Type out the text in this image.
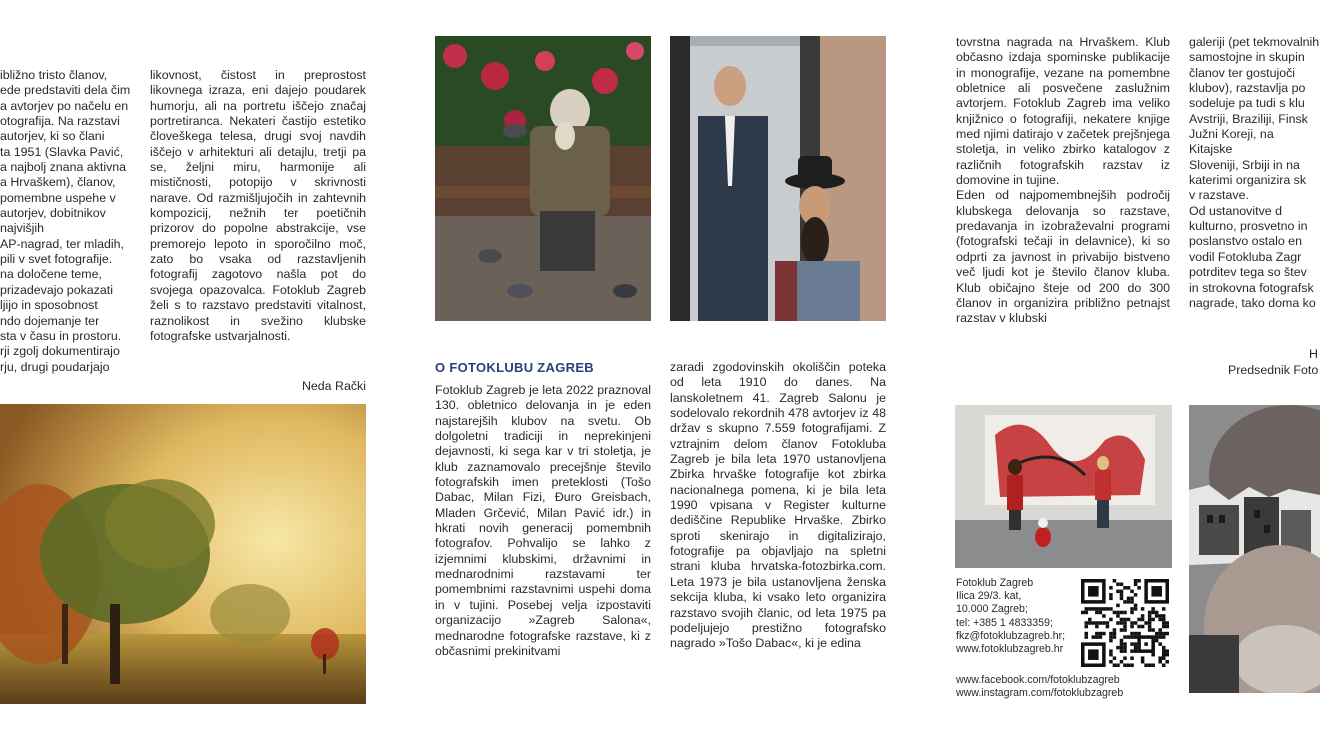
ibližno tristo članov,
ede predstaviti dela čim
a avtorjev po načelu en
otografija. Na razstavi
autorjev, ki so člani
ta 1951 (Slavka Pavić,
a najbolj znana aktivna
a Hrvaškem), članov,
pomembne uspehe v
autorjev, dobitnikov najvišjih
AP-nagrad, ter mladih,
pili v svet fotografije.
na določene teme,
prizadevajo pokazati
ljijo in sposobnost
ndo dojemanje ter
sta v času in prostoru.
rji zgolj dokumentirajo
rju, drugi poudarjajo
likovnost, čistost in preprostost likovnega izraza, eni dajejo poudarek humorju, ali na portretu iščejo značaj portretiranca. Nekateri častijo estetiko človeškega telesa, drugi svoj navdih iščejo v arhitekturi ali detajlu, tretji pa se, željni miru, harmonije ali mističnosti, potopijo v skrivnosti narave. Od razmišljujočih in zahtevnih kompozicij, nežnih ter poetičnih prizorov do popolne abstrakcije, vse premorejo lepoto in sporočilno moč, zato bo vsaka od razstavljenih fotografij zagotovo našla pot do svojega opazovalca. Fotoklub Zagreb želi s to razstavo predstaviti vitalnost, raznolikost in svežino klubske fotografske ustvarjalnosti.
Neda Rački
O FOTOKLUBU ZAGREB
Fotoklub Zagreb je leta 2022 praznoval 130. obletnico delovanja in je eden najstarejših klubov na svetu. Ob dolgoletni tradiciji in neprekinjeni dejavnosti, ki sega kar v tri stoletja, je klub zaznamovalo precejšnje število fotografskih imen preteklosti (Tošo Dabac, Milan Fizi, Đuro Greisbach, Mladen Grčević, Milan Pavić idr.) in hkrati novih generacij pomembnih fotografov. Pohvalijo se lahko z izjemnimi klubskimi, državnimi in mednarodnimi razstavami ter pomembnimi razstavnimi uspehi doma in v tujini. Posebej velja izpostaviti organizacijo »Zagreb Salona«, mednarodne fotografske razstave, ki z občasnimi prekinitvami
zaradi zgodovinskih okoliščin poteka od leta 1910 do danes. Na lanskoletnem 41. Zagreb Salonu je sodelovalo rekordnih 478 avtorjev iz 48 držav s skupno 7.559 fotografijami. Z vztrajnim delom članov Fotokluba Zagreb je bila leta 1970 ustanovljena Zbirka hrvaške fotografije kot zbirka nacionalnega pomena, ki je bila leta 1990 vpisana v Register kulturne dediščine Republike Hrvaške. Zbirko sproti skenirajo in digitalizirajo, fotografije pa objavljajo na spletni strani kluba hrvatska-fotozbirka.com. Leta 1973 je bila ustanovljena ženska sekcija kluba, ki vsako leto organizira razstavo svojih članic, od leta 1975 pa podeljujejo prestižno fotografsko nagrado »Tošo Dabac«, ki je edina
tovrstna nagrada na Hrvaškem. Klub občasno izdaja spominske publikacije in monografije, vezane na pomembne obletnice ali posvečene zaslužnim avtorjem. Fotoklub Zagreb ima veliko knjižnico o fotografiji, nekatere knjige med njimi datirajo v začetek prejšnjega stoletja, in veliko zbirko katalogov z različnih fotografskih razstav iz domovine in tujine.
Eden od najpomembnejših področij klubskega delovanja so razstave, predavanja in izobraževalni programi (fotografski tečaji in delavnice), ki so odprti za javnost in privabijo bistveno več ljudi kot je število članov kluba. Klub običajno šteje od 200 do 300 članov in organizira približno petnajst razstav v klubski
galeriji (pet tekmovalnih
samostojne in skupin
članov ter gostujoči
klubov), razstavlja po
sodeluje pa tudi s klu
Avstriji, Braziliji, Finsk
Južni Koreji, na Kitajske
Sloveniji, Srbiji in na
katerimi organizira sk
v razstave.
Od ustanovitve d
kulturno, prosvetno in
poslanstvo ostalo en
vodil Fotokluba Zagr
potrditev tega so štev
in strokovna fotografsk
nagrade, tako doma ko
H
Predsednik Foto
Fotoklub Zagreb
Ilica 29/3. kat,
10.000 Zagreb;
tel: +385 1 4833359;
fkz@fotoklubzagreb.hr;
www.fotoklubzagreb.hr
www.facebook.com/fotoklubzagreb
www.instagram.com/fotoklubzagreb
